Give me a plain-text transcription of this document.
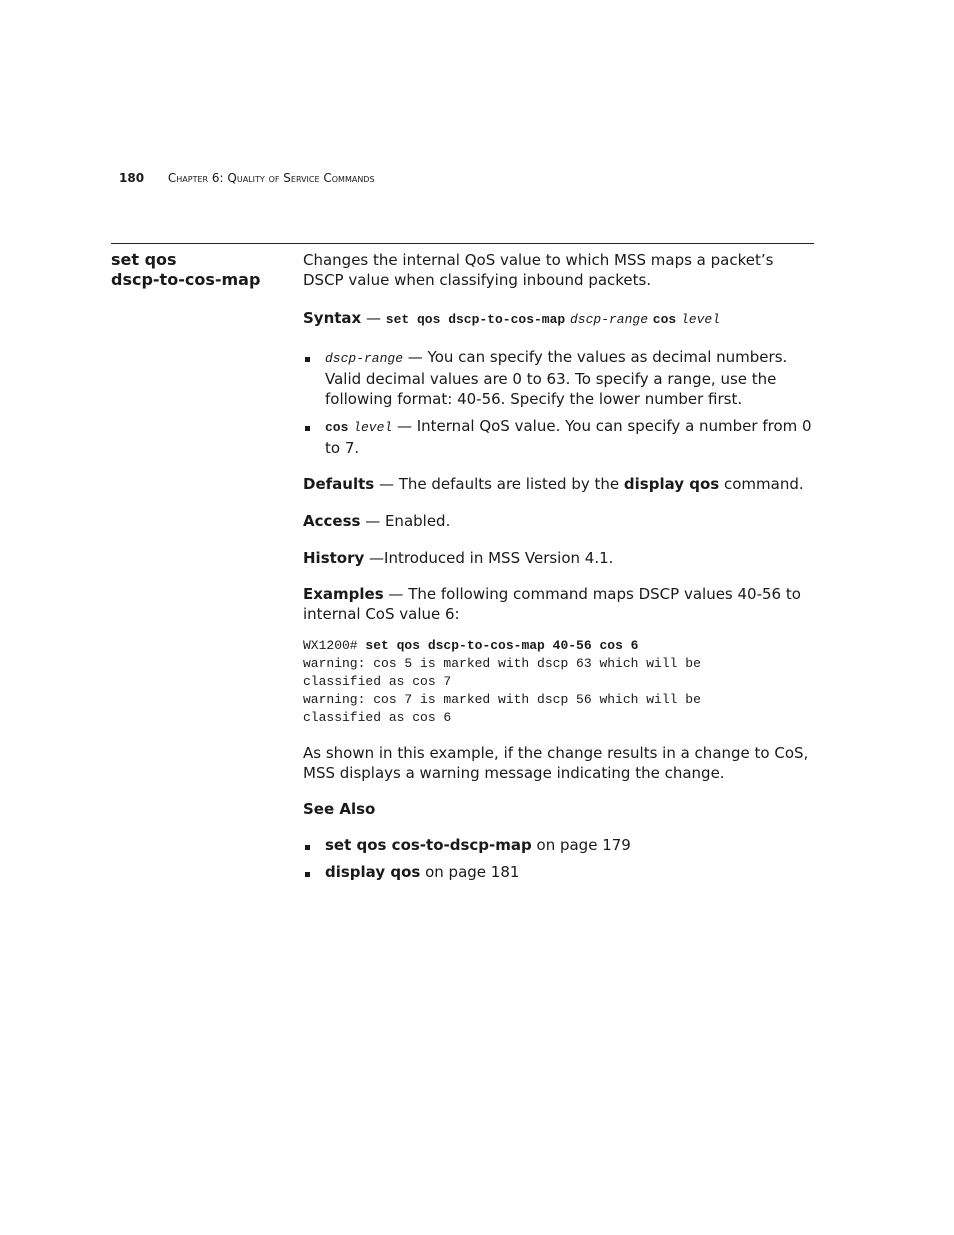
180 Chapter 6: Quality of Service Commands
set qos
dscp-to-cos-map

Changes the internal QoS value to which MSS maps a packet’s DSCP value when classifying inbound packets.

Syntax — set qos dscp-to-cos-map dscp-range cos level

dscp-range — You can specify the values as decimal numbers. Valid decimal values are 0 to 63. To specify a range, use the following format: 40-56. Specify the lower number first.
cos level — Internal QoS value. You can specify a number from 0 to 7.

Defaults — The defaults are listed by the display qos command.

Access — Enabled.

History —Introduced in MSS Version 4.1.

Examples — The following command maps DSCP values 40-56 to internal CoS value 6:

WX1200# set qos dscp-to-cos-map 40-56 cos 6
warning: cos 5 is marked with dscp 63 which will be
classified as cos 7
warning: cos 7 is marked with dscp 56 which will be
classified as cos 6

As shown in this example, if the change results in a change to CoS, MSS displays a warning message indicating the change.

See Also

set qos cos-to-dscp-map on page 179
display qos on page 181
